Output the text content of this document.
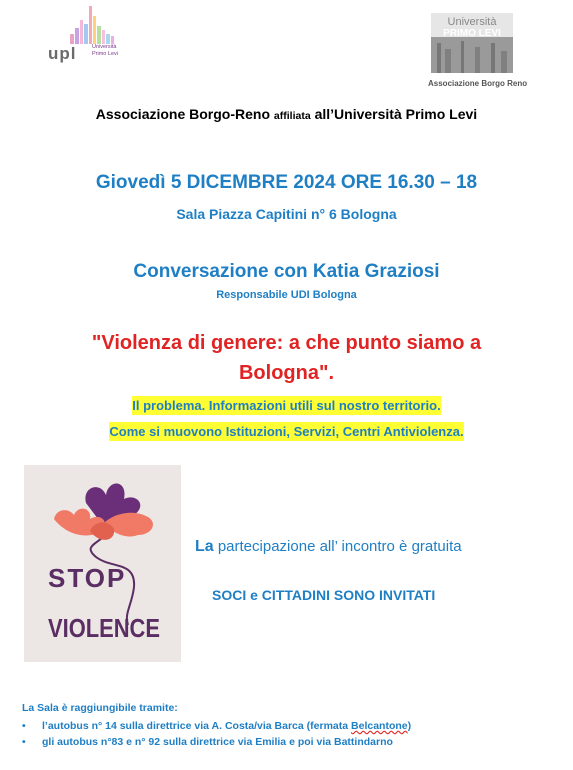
upl	Università
Primo Levi
Università
PRIMO LEVI
Associazione Borgo Reno
Associazione Borgo-Reno affiliata all’Università Primo Levi
Giovedì 5 DICEMBRE 2024 ORE 16.30 – 18
Sala Piazza Capitini n° 6 Bologna
Conversazione con Katia Graziosi
Responsabile UDI Bologna
"Violenza di genere: a che punto siamo a
Bologna".
Il problema. Informazioni utili sul nostro territorio.
Come si muovono Istituzioni, Servizi, Centri Antiviolenza.
STOP
VIOLENCE
La partecipazione all’ incontro è gratuita
SOCI e CITTADINI SONO INVITATI
La Sala è raggiungibile tramite:
• l’autobus n° 14 sulla direttrice via A. Costa/via Barca (fermata Belcantone)
• gli autobus n°83 e n° 92 sulla direttrice via Emilia e poi via Battindarno
